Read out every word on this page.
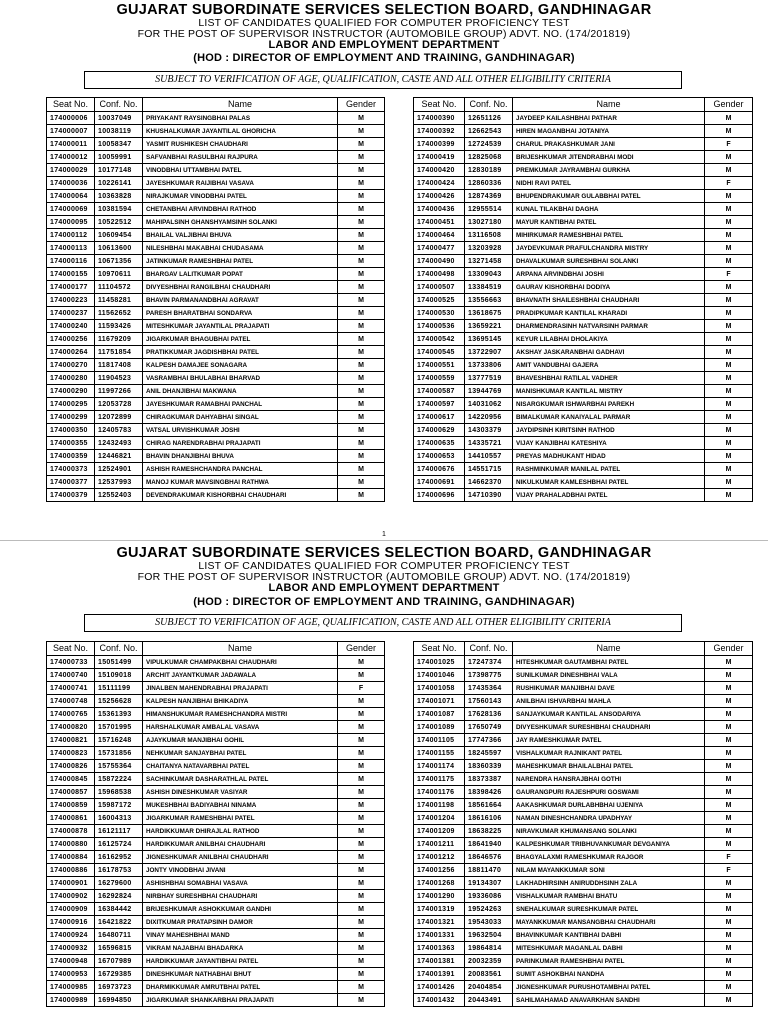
GUJARAT SUBORDINATE SERVICES SELECTION BOARD, GANDHINAGAR
LIST OF CANDIDATES QUALIFIED FOR COMPUTER PROFICIENCY TEST
FOR THE POST OF SUPERVISOR INSTRUCTOR (AUTOMOBILE GROUP) ADVT. NO. (174/201819)
LABOR AND EMPLOYMENT DEPARTMENT
(HOD : DIRECTOR OF EMPLOYMENT AND TRAINING, GANDHINAGAR)
SUBJECT TO VERIFICATION OF AGE, QUALIFICATION, CASTE AND ALL OTHER ELIGIBILITY CRITERIA
Seat No.	Conf. No.	Name	Gender
174000006	10037049	PRIYAKANT RAYSINGBHAI PALAS	M
174000007	10038119	KHUSHALKUMAR JAYANTILAL GHORICHA	M
174000011	10058347	YASMIT RUSHIKESH CHAUDHARI	M
174000012	10059991	SAFVANBHAI RASULBHAI RAJPURA	M
174000029	10177148	VINODBHAI UTTAMBHAI PATEL	M
174000036	10226141	JAYESHKUMAR RAIJIBHAI VASAVA	M
174000064	10363828	NIRAJKUMAR VINODBHAI PATEL	M
174000069	10381594	CHETANBHAI ARVINDBHAI RATHOD	M
174000095	10522512	MAHIPALSINH GHANSHYAMSINH SOLANKI	M
174000112	10609454	BHAILAL VALJIBHAI BHUVA	M
174000113	10613600	NILESHBHAI MAKABHAI CHUDASAMA	M
174000116	10671356	JATINKUMAR RAMESHBHAI PATEL	M
174000155	10970611	BHARGAV LALITKUMAR POPAT	M
174000177	11104572	DIVYESHBHAI RANGILBHAI CHAUDHARI	M
174000223	11458281	BHAVIN PARMANANDBHAI AGRAVAT	M
174000237	11562652	PARESH BHARATBHAI SONDARVA	M
174000240	11593426	MITESHKUMAR JAYANTILAL PRAJAPATI	M
174000256	11679209	JIGARKUMAR BHAGUBHAI PATEL	M
174000264	11751854	PRATIKKUMAR JAGDISHBHAI PATEL	M
174000270	11817408	KALPESH DAMAJEE SONAGARA	M
174000280	11904523	VASRAMBHAI BHULABHAI BHARVAD	M
174000290	11997266	ANIL DHANJIBHAI MAKWANA	M
174000295	12053728	JAYESHKUMAR RAMABHAI PANCHAL	M
174000299	12072899	CHIRAGKUMAR DAHYABHAI SINGAL	M
174000350	12405783	VATSAL URVISHKUMAR JOSHI	M
174000355	12432493	CHIRAG NARENDRABHAI PRAJAPATI	M
174000359	12446821	BHAVIN DHANJIBHAI BHUVA	M
174000373	12524901	ASHISH RAMESHCHANDRA PANCHAL	M
174000377	12537993	MANOJ KUMAR MAVSINGBHAI RATHWA	M
174000379	12552403	DEVENDRAKUMAR KISHORBHAI CHAUDHARI	M
Seat No.	Conf. No.	Name	Gender
174000390	12651126	JAYDEEP KAILASHBHAI PATHAR	M
174000392	12662543	HIREN MAGANBHAI JOTANIYA	M
174000399	12724539	CHARUL PRAKASHKUMAR JANI	F
174000419	12825068	BRIJESHKUMAR JITENDRABHAI MODI	M
174000420	12830189	PREMKUMAR JAYRAMBHAI GURKHA	M
174000424	12860336	NIDHI RAVI PATEL	F
174000426	12874369	BHUPENDRAKUMAR GULABBHAI PATEL	M
174000436	12955514	KUNAL TILAKBHAI DAGHA	M
174000451	13027180	MAYUR KANTIBHAI PATEL	M
174000464	13116508	MIHIRKUMAR RAMESHBHAI PATEL	M
174000477	13203928	JAYDEVKUMAR PRAFULCHANDRA MISTRY	M
174000490	13271458	DHAVALKUMAR SURESHBHAI SOLANKI	M
174000498	13309043	ARPANA ARVINDBHAI JOSHI	F
174000507	13384519	GAURAV KISHORBHAI DODIYA	M
174000525	13556663	BHAVNATH SHAILESHBHAI CHAUDHARI	M
174000530	13618675	PRADIPKUMAR KANTILAL KHARADI	M
174000536	13659221	DHARMENDRASINH NATVARSINH PARMAR	M
174000542	13695145	KEYUR LILABHAI DHOLAKIYA	M
174000545	13722907	AKSHAY JASKARANBHAI GADHAVI	M
174000551	13733806	AMIT VANDUBHAI GAJERA	M
174000559	13777519	BHAVESHBHAI RATILAL VADHER	M
174000587	13944769	MANISHKUMAR KANTILAL MISTRY	M
174000597	14031062	NISARGKUMAR ISHWARBHAI PAREKH	M
174000617	14220956	BIMALKUMAR KANAIYALAL PARMAR	M
174000629	14303379	JAYDIPSINH KIRITSINH RATHOD	M
174000635	14335721	VIJAY KANJIBHAI KATESHIYA	M
174000653	14410557	PREYAS MADHUKANT HIDAD	M
174000676	14551715	RASHMINKUMAR MANILAL PATEL	M
174000691	14662370	NIKULKUMAR KAMLESHBHAI PATEL	M
174000696	14710390	VIJAY PRAHALADBHAI PATEL	M
1
GUJARAT SUBORDINATE SERVICES SELECTION BOARD, GANDHINAGAR
LIST OF CANDIDATES QUALIFIED FOR COMPUTER PROFICIENCY TEST
FOR THE POST OF SUPERVISOR INSTRUCTOR (AUTOMOBILE GROUP) ADVT. NO. (174/201819)
LABOR AND EMPLOYMENT DEPARTMENT
(HOD : DIRECTOR OF EMPLOYMENT AND TRAINING, GANDHINAGAR)
SUBJECT TO VERIFICATION OF AGE, QUALIFICATION, CASTE AND ALL OTHER ELIGIBILITY CRITERIA
Seat No.	Conf. No.	Name	Gender
174000733	15051499	VIPULKUMAR CHAMPAKBHAI CHAUDHARI	M
174000740	15109018	ARCHIT JAYANTKUMAR JADAWALA	M
174000741	15111199	JINALBEN MAHENDRABHAI PRAJAPATI	F
174000748	15256628	KALPESH NANJIBHAI BHIKADIYA	M
174000765	15361393	HIMANSHUKUMAR RAMESHCHANDRA MISTRI	M
174000820	15701995	HARSHALKUMAR AMBALAL VASAVA	M
174000821	15716248	AJAYKUMAR MANJIBHAI GOHIL	M
174000823	15731856	NEHKUMAR SANJAYBHAI PATEL	M
174000826	15755364	CHAITANYA NATAVARBHAI PATEL	M
174000845	15872224	SACHINKUMAR DASHARATHLAL PATEL	M
174000857	15968538	ASHISH DINESHKUMAR VASIYAR	M
174000859	15987172	MUKESHBHAI BADIYABHAI NINAMA	M
174000861	16004313	JIGARKUMAR RAMESHBHAI PATEL	M
174000878	16121117	HARDIKKUMAR DHIRAJLAL RATHOD	M
174000880	16125724	HARDIKKUMAR ANILBHAI CHAUDHARI	M
174000884	16162952	JIGNESHKUMAR ANILBHAI CHAUDHARI	M
174000886	16178753	JONTY VINODBHAI JIVANI	M
174000901	16279600	ASHISHBHAI SOMABHAI VASAVA	M
174000902	16292824	NIRBHAY SURESHBHAI CHAUDHARI	M
174000909	16384442	BRIJESHKUMAR ASHOKKUMAR GANDHI	M
174000916	16421822	DIXITKUMAR PRATAPSINH DAMOR	M
174000924	16480711	VINAY MAHESHBHAI MAND	M
174000932	16596815	VIKRAM NAJABHAI BHADARKA	M
174000948	16707989	HARDIKKUMAR JAYANTIBHAI PATEL	M
174000953	16729385	DINESHKUMAR NATHABHAI BHUT	M
174000985	16973723	DHARMIKKUMAR AMRUTBHAI PATEL	M
174000989	16994850	JIGARKUMAR SHANKARBHAI PRAJAPATI	M
Seat No.	Conf. No.	Name	Gender
174001025	17247374	HITESHKUMAR GAUTAMBHAI PATEL	M
174001046	17398775	SUNILKUMAR DINESHBHAI VALA	M
174001058	17435364	RUSHIKUMAR MANJIBHAI DAVE	M
174001071	17560143	ANILBHAI ISHVARBHAI MAHLA	M
174001087	17628136	SANJAYKUMAR KANTILAL ANSODARIYA	M
174001089	17650749	DIVYESHKUMAR SURESHBHAI CHAUDHARI	M
174001105	17747366	JAY RAMESHKUMAR PATEL	M
174001155	18245597	VISHALKUMAR RAJNIKANT PATEL	M
174001174	18360339	MAHESHKUMAR BHAILALBHAI PATEL	M
174001175	18373387	NARENDRA HANSRAJBHAI GOTHI	M
174001176	18398426	GAURANGPURI RAJESHPURI GOSWAMI	M
174001198	18561664	AAKASHKUMAR DURLABHBHAI UJENIYA	M
174001204	18616106	NAMAN DINESHCHANDRA UPADHYAY	M
174001209	18638225	NIRAVKUMAR KHUMANSANG SOLANKI	M
174001211	18641940	KALPESHKUMAR TRIBHUVANKUMAR DEVGANIYA	M
174001212	18646576	BHAGYALAXMI RAMESHKUMAR RAJGOR	F
174001256	18811470	NILAM MAYANKKUMAR SONI	F
174001268	19134307	LAKHADHIRSINH ANIRUDDHSINH ZALA	M
174001290	19336086	VISHALKUMAR RAMBHAI BHATU	M
174001319	19524263	SNEHALKUMAR SURESHKUMAR PATEL	M
174001321	19543033	MAYANKKUMAR MANSANGBHAI CHAUDHARI	M
174001331	19632504	BHAVINKUMAR KANTIBHAI DABHI	M
174001363	19864814	MITESHKUMAR MAGANLAL DABHI	M
174001381	20032359	PARINKUMAR RAMESHBHAI PATEL	M
174001391	20083561	SUMIT ASHOKBHAI NANDHA	M
174001426	20404854	JIGNESHKUMAR PURUSHOTAMBHAI PATEL	M
174001432	20443491	SAHILMAHAMAD ANAVARKHAN SANDHI	M
